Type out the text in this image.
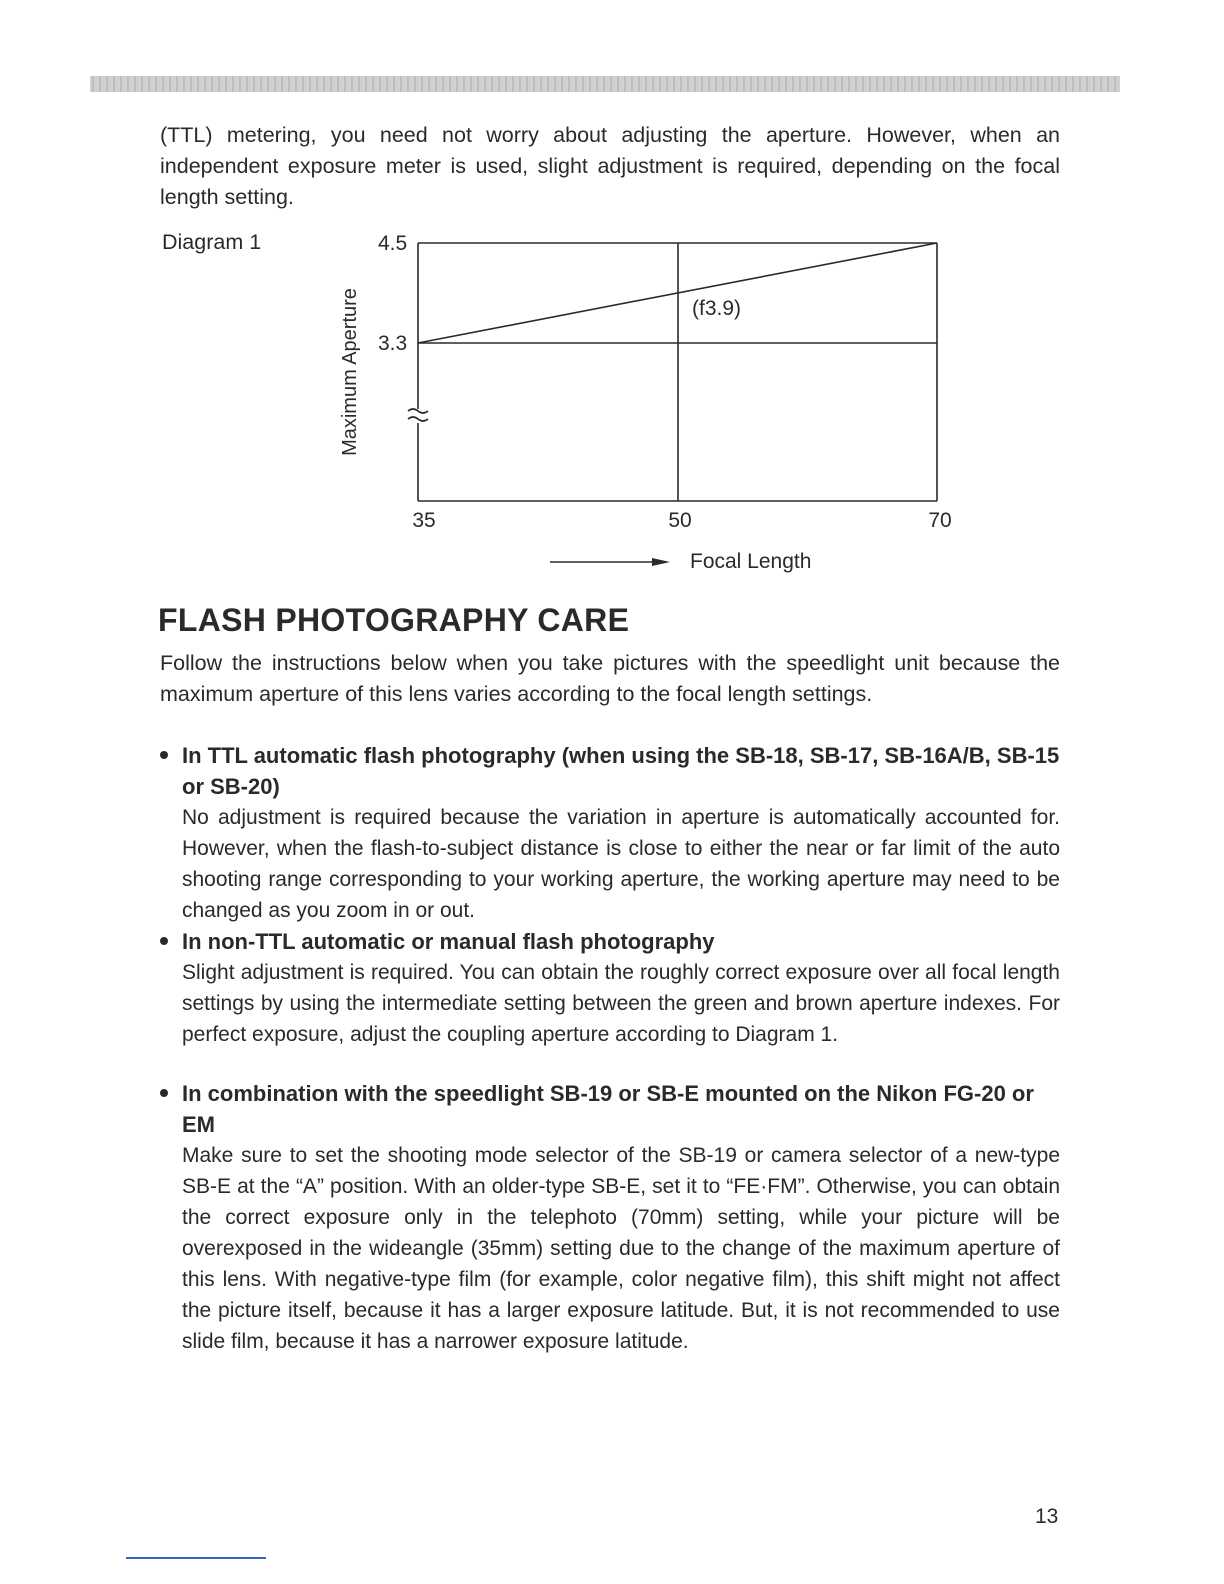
(TTL) metering, you need not worry about adjusting the aperture. However, when an independent exposure meter is used, slight adjustment is required, depending on the focal length setting.

Diagram 1	4.5
3.3
Maximum Aperture
35	50	70
(f3.9)
Focal Length
FLASH PHOTOGRAPHY CARE

Follow the instructions below when you take pictures with the speedlight unit because the maximum aperture of this lens varies according to the focal length settings.

In TTL automatic flash photography (when using the SB-18, SB-17, SB-16A/B, SB-15 or SB-20)

No adjustment is required because the variation in aperture is automatically accounted for. However, when the flash-to-subject distance is close to either the near or far limit of the auto shooting range corresponding to your working aperture, the working aperture may need to be changed as you zoom in or out.

In non-TTL automatic or manual flash photography

Slight adjustment is required. You can obtain the roughly correct exposure over all focal length settings by using the intermediate setting between the green and brown aperture indexes. For perfect exposure, adjust the coupling aperture according to Diagram 1.

In combination with the speedlight SB-19 or SB-E mounted on the Nikon FG-20 or EM

Make sure to set the shooting mode selector of the SB-19 or camera selector of a new-type SB-E at the “A” position. With an older-type SB-E, set it to “FE·FM”. Otherwise, you can obtain the correct exposure only in the telephoto (70mm) setting, while your picture will be overexposed in the wideangle (35mm) setting due to the change of the maximum aperture of this lens. With negative-type film (for example, color negative film), this shift might not affect the picture itself, because it has a larger exposure latitude. But, it is not recommended to use slide film, because it has a narrower exposure latitude.

13
